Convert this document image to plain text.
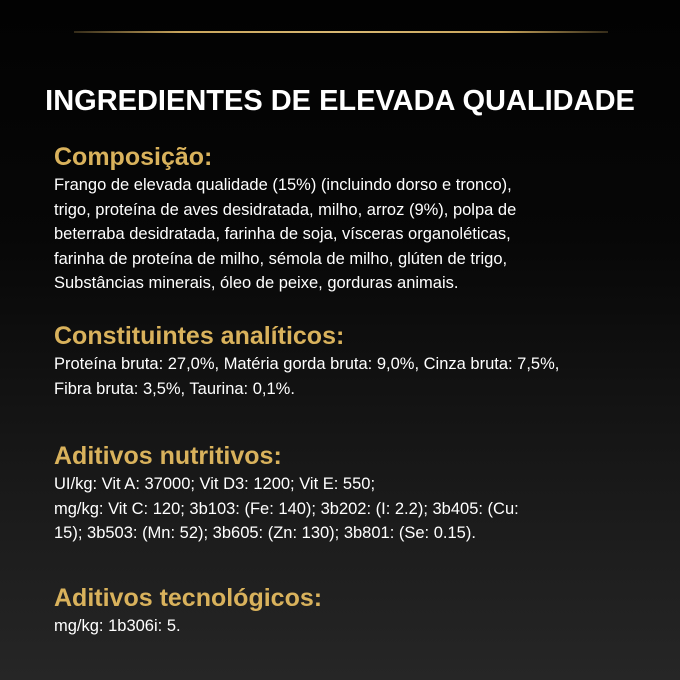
INGREDIENTES DE ELEVADA QUALIDADE
Composição:
Frango de elevada qualidade (15%) (incluindo dorso e tronco),
trigo, proteína de aves desidratada, milho, arroz (9%), polpa de
beterraba desidratada, farinha de soja, vísceras organoléticas,
farinha de proteína de milho, sémola de milho, glúten de trigo,
Substâncias minerais, óleo de peixe, gorduras animais.
Constituintes analíticos:
Proteína bruta: 27,0%, Matéria gorda bruta: 9,0%, Cinza bruta: 7,5%,
Fibra bruta: 3,5%, Taurina: 0,1%.
Aditivos nutritivos:
UI/kg: Vit A: 37000; Vit D3: 1200; Vit E: 550;
mg/kg: Vit C: 120; 3b103: (Fe: 140); 3b202: (I: 2.2); 3b405: (Cu:
15); 3b503: (Mn: 52); 3b605: (Zn: 130); 3b801: (Se: 0.15).
Aditivos tecnológicos:
mg/kg: 1b306i: 5.
